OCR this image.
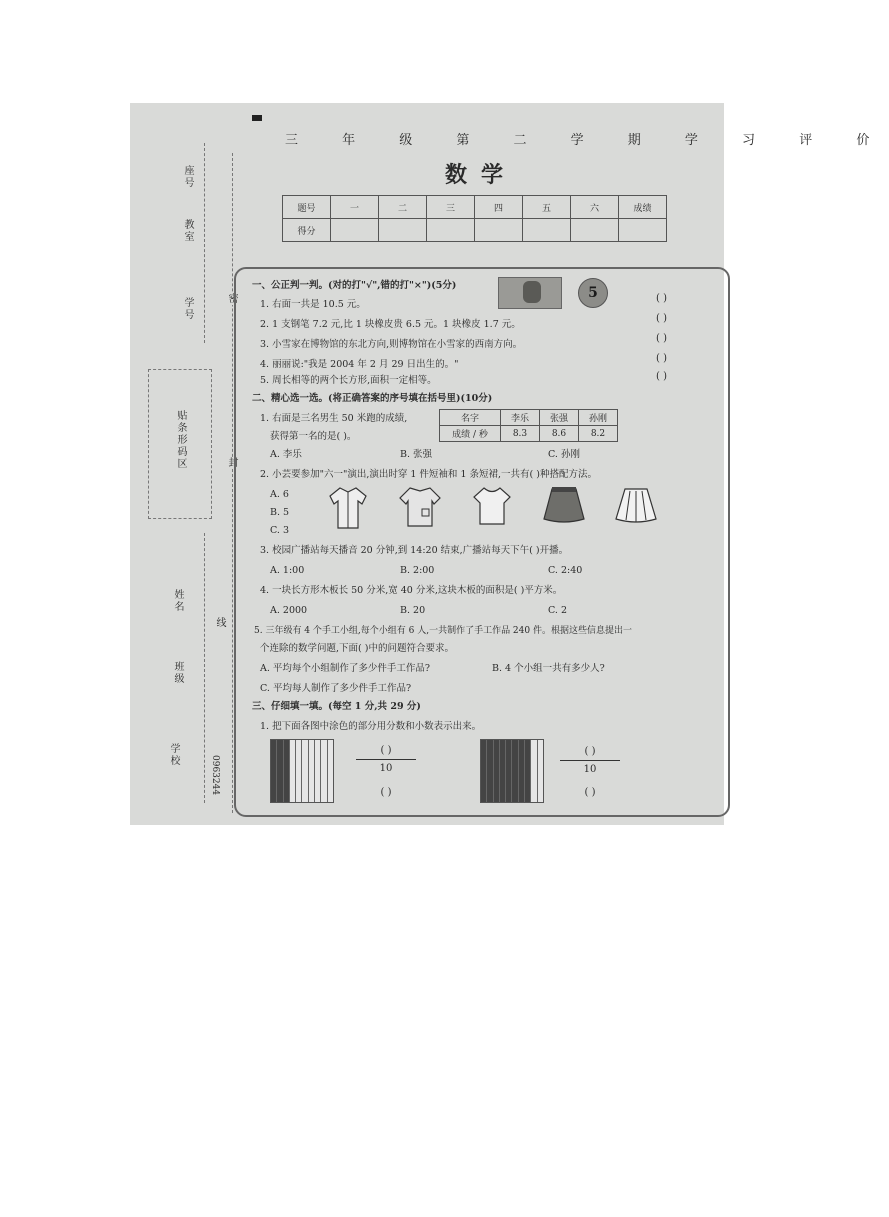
座号
教室
学号
贴条形码区
姓名
班级
学校	0963244
密
封
线
三 年 级 第 二 学 期 学 习 评 价
数学
题号	一	二	三	四	五	六	成绩
得分							
一、公正判一判。(对的打"√",错的打"×")(5分)	5
1. 右面一共是 10.5 元。
2. 1 支钢笔 7.2 元,比 1 块橡皮贵 6.5 元。1 块橡皮 1.7 元。
3. 小雪家在博物馆的东北方向,则博物馆在小雪家的西南方向。
4. 丽丽说:"我是 2004 年 2 月 29 日出生的。"
5. 周长相等的两个长方形,面积一定相等。
( )
( )
( )
( )
( )
二、精心选一选。(将正确答案的序号填在括号里)(10分)
1. 右面是三名男生 50 米跑的成绩,
获得第一名的是( )。
名字	李乐	张强	孙刚
成绩 / 秒	8.3	8.6	8.2
A. 李乐	B. 张强	C. 孙刚
2. 小芸要参加"六一"演出,演出时穿 1 件短袖和 1 条短裙,一共有( )种搭配方法。
A. 6
B. 5
C. 3
3. 校园广播站每天播音 20 分钟,到 14:20 结束,广播站每天下午( )开播。
A. 1:00	B. 2:00	C. 2:40
4. 一块长方形木板长 50 分米,宽 40 分米,这块木板的面积是( )平方米。
A. 2000	B. 20	C. 2
5. 三年级有 4 个手工小组,每个小组有 6 人,一共制作了手工作品 240 件。根据这些信息提出一
个连除的数学问题,下面( )中的问题符合要求。
A. 平均每个小组制作了多少件手工作品?	B. 4 个小组一共有多少人?
C. 平均每人制作了多少件手工作品?
三、仔细填一填。(每空 1 分,共 29 分)
1. 把下面各图中涂色的部分用分数和小数表示出来。
( )
10
( )
( )
10
( )
